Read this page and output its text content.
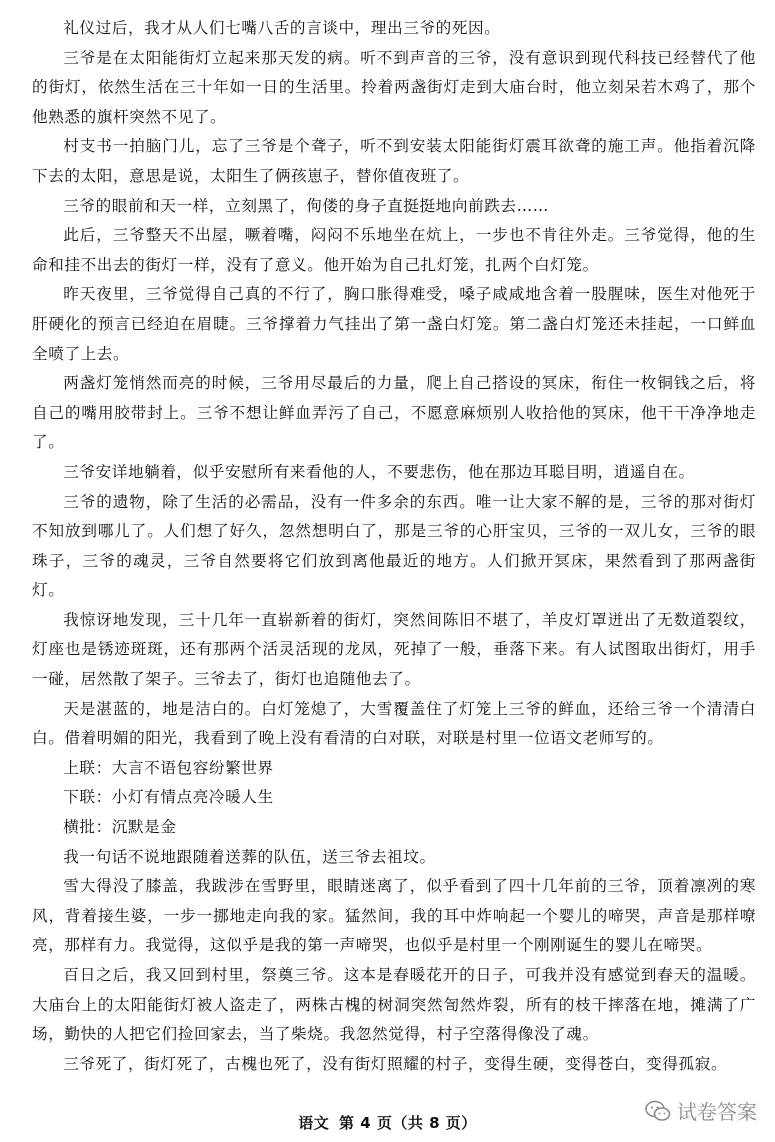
礼仪过后，我才从人们七嘴八舌的言谈中，理出三爷的死因。

三爷是在太阳能街灯立起来那天发的病。听不到声音的三爷，没有意识到现代科技已经替代了他的街灯，依然生活在三十年如一日的生活里。拎着两盏街灯走到大庙台时，他立刻呆若木鸡了，那个他熟悉的旗杆突然不见了。

村支书一拍脑门儿，忘了三爷是个聋子，听不到安装太阳能街灯震耳欲聋的施工声。他指着沉降下去的太阳，意思是说，太阳生了俩孩崽子，替你值夜班了。

三爷的眼前和天一样，立刻黑了，佝偻的身子直挺挺地向前跌去……

此后，三爷整天不出屋，噘着嘴，闷闷不乐地坐在炕上，一步也不肯往外走。三爷觉得，他的生命和挂不出去的街灯一样，没有了意义。他开始为自己扎灯笼，扎两个白灯笼。

昨天夜里，三爷觉得自己真的不行了，胸口胀得难受，嗓子咸咸地含着一股腥味，医生对他死于肝硬化的预言已经迫在眉睫。三爷撑着力气挂出了第一盏白灯笼。第二盏白灯笼还未挂起，一口鲜血全喷了上去。

两盏灯笼悄然而亮的时候，三爷用尽最后的力量，爬上自己搭设的冥床，衔住一枚铜钱之后，将自己的嘴用胶带封上。三爷不想让鲜血弄污了自己，不愿意麻烦别人收拾他的冥床，他干干净净地走了。

三爷安详地躺着，似乎安慰所有来看他的人，不要悲伤，他在那边耳聪目明，逍遥自在。

三爷的遗物，除了生活的必需品，没有一件多余的东西。唯一让大家不解的是，三爷的那对街灯不知放到哪儿了。人们想了好久，忽然想明白了，那是三爷的心肝宝贝，三爷的一双儿女，三爷的眼珠子，三爷的魂灵，三爷自然要将它们放到离他最近的地方。人们掀开冥床，果然看到了那两盏街灯。

我惊讶地发现，三十几年一直崭新着的街灯，突然间陈旧不堪了，羊皮灯罩迸出了无数道裂纹，灯座也是锈迹斑斑，还有那两个活灵活现的龙凤，死掉了一般，垂落下来。有人试图取出街灯，用手一碰，居然散了架子。三爷去了，街灯也追随他去了。

天是湛蓝的，地是洁白的。白灯笼熄了，大雪覆盖住了灯笼上三爷的鲜血，还给三爷一个清清白白。借着明媚的阳光，我看到了晚上没有看清的白对联，对联是村里一位语文老师写的。

上联：大言不语包容纷繁世界

下联：小灯有情点亮冷暖人生

横批：沉默是金

我一句话不说地跟随着送葬的队伍，送三爷去祖坟。

雪大得没了膝盖，我跋涉在雪野里，眼睛迷离了，似乎看到了四十几年前的三爷，顶着凛冽的寒风，背着接生婆，一步一挪地走向我的家。猛然间，我的耳中炸响起一个婴儿的啼哭，声音是那样嘹亮，那样有力。我觉得，这似乎是我的第一声啼哭，也似乎是村里一个刚刚诞生的婴儿在啼哭。

百日之后，我又回到村里，祭奠三爷。这本是春暖花开的日子，可我并没有感觉到春天的温暖。大庙台上的太阳能街灯被人盗走了，两株古槐的树洞突然訇然炸裂，所有的枝干摔落在地，摊满了广场，勤快的人把它们捡回家去，当了柴烧。我忽然觉得，村子空落得像没了魂。

三爷死了，街灯死了，古槐也死了，没有街灯照耀的村子，变得生硬，变得苍白，变得孤寂。

语文 第 4 页（共 8 页）	试卷答案
